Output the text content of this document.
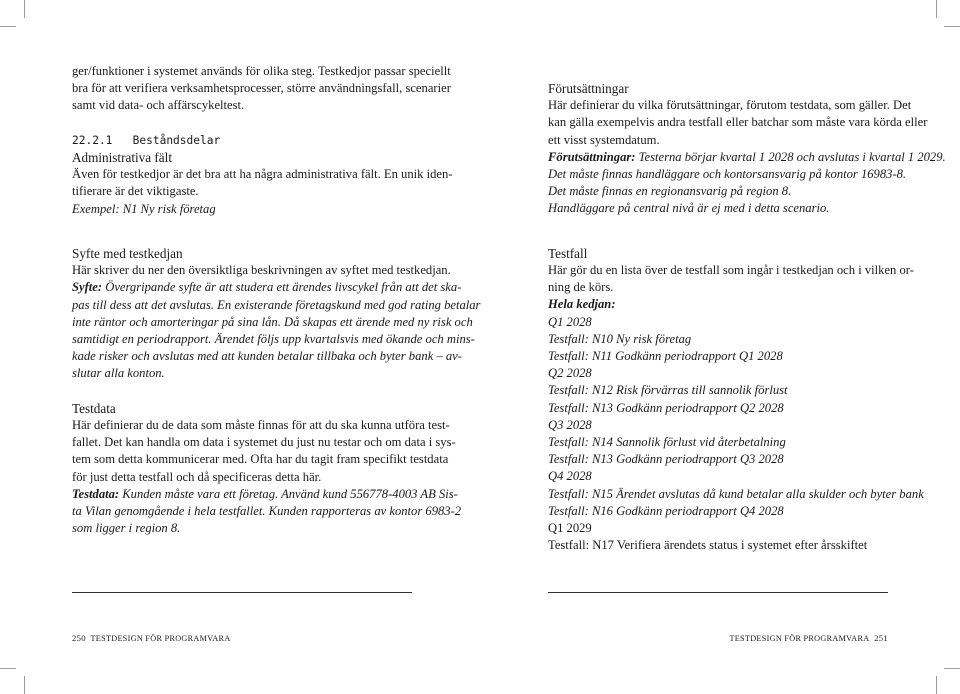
ger/funktioner i systemet används för olika steg. Testkedjor passar speciellt
bra för att verifiera verksamhetsprocesser, större användningsfall, scenarier
samt vid data- och affärscykeltest.
22.2.1 Beståndsdelar
Administrativa fält
Även för testkedjor är det bra att ha några administrativa fält. En unik iden-
tifierare är det viktigaste.
Exempel: N1 Ny risk företag
Syfte med testkedjan
Här skriver du ner den översiktliga beskrivningen av syftet med testkedjan.
Syfte: Övergripande syfte är att studera ett ärendes livscykel från att det ska-
pas till dess att det avslutas. En existerande företagskund med god rating betalar
inte räntor och amorteringar på sina lån. Då skapas ett ärende med ny risk och
samtidigt en periodrapport. Ärendet följs upp kvartalsvis med ökande och mins-
kade risker och avslutas med att kunden betalar tillbaka och byter bank – av-
slutar alla konton.
Testdata
Här definierar du de data som måste finnas för att du ska kunna utföra test-
fallet. Det kan handla om data i systemet du just nu testar och om data i sys-
tem som detta kommunicerar med. Ofta har du tagit fram specifikt testdata
för just detta testfall och då specificeras detta här.
Testdata: Kunden måste vara ett företag. Använd kund 556778-4003 AB Sis-
ta Vilan genomgående i hela testfallet. Kunden rapporteras av kontor 6983-2
som ligger i region 8.
Förutsättningar
Här definierar du vilka förutsättningar, förutom testdata, som gäller. Det
kan gälla exempelvis andra testfall eller batchar som måste vara körda eller
ett visst systemdatum.
Förutsättningar: Testerna börjar kvartal 1 2028 och avslutas i kvartal 1 2029.
Det måste finnas handläggare och kontorsansvarig på kontor 16983-8.
Det måste finnas en regionansvarig på region 8.
Handläggare på central nivå är ej med i detta scenario.
Testfall
Här gör du en lista över de testfall som ingår i testkedjan och i vilken or-
ning de körs.
Hela kedjan:
Q1 2028
Testfall: N10 Ny risk företag
Testfall: N11 Godkänn periodrapport Q1 2028
Q2 2028
Testfall: N12 Risk förvärras till sannolik förlust
Testfall: N13 Godkänn periodrapport Q2 2028
Q3 2028
Testfall: N14 Sannolik förlust vid återbetalning
Testfall: N13 Godkänn periodrapport Q3 2028
Q4 2028
Testfall: N15 Ärendet avslutas då kund betalar alla skulder och byter bank
Testfall: N16 Godkänn periodrapport Q4 2028
Q1 2029
Testfall: N17 Verifiera ärendets status i systemet efter årsskiftet
250 TESTDESIGN FÖR PROGRAMVARA	TESTDESIGN FÖR PROGRAMVARA 251
